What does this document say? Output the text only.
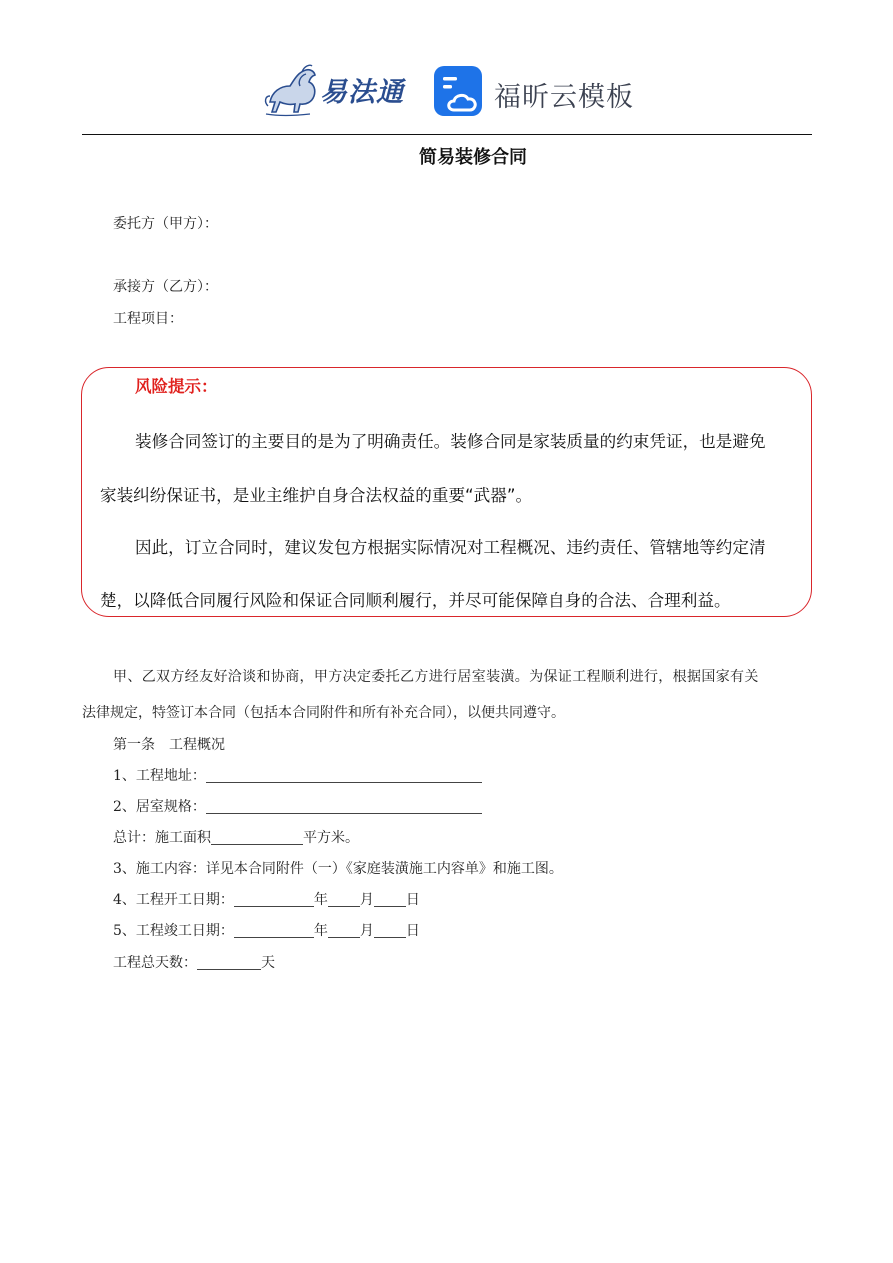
易法通	福昕云模板
简易装修合同
委托方（甲方）：
承接方（乙方）：
工程项目：
风险提示：
装修合同签订的主要目的是为了明确责任。装修合同是家装质量的约束凭证，也是避免
家装纠纷保证书，是业主维护自身合法权益的重要“武器”。
因此，订立合同时，建议发包方根据实际情况对工程概况、违约责任、管辖地等约定清
楚，以降低合同履行风险和保证合同顺利履行，并尽可能保障自身的合法、合理利益。
甲、乙双方经友好洽谈和协商，甲方决定委托乙方进行居室装潢。为保证工程顺利进行，根据国家有关
法律规定，特签订本合同（包括本合同附件和所有补充合同），以便共同遵守。
第一条　工程概况
1、工程地址：
2、居室规格：
总计：施工面积	平方米。
3、施工内容：详见本合同附件（一）《家庭装潢施工内容单》和施工图。
4、工程开工日期：	年 月 日
5、工程竣工日期：	年 月 日
工程总天数：	天
